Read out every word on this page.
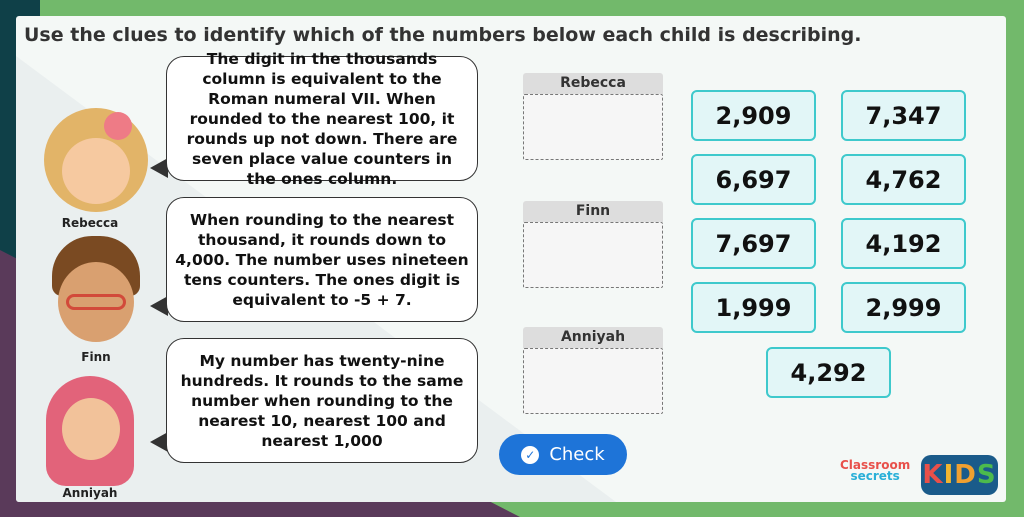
Use the clues to identify which of the numbers below each child is describing.
Rebecca
The digit in the thousands column is equivalent to the Roman numeral VII. When rounded to the nearest 100, it rounds up not down. There are seven place value counters in the ones column.
Finn
When rounding to the nearest thousand, it rounds down to 4,000. The number uses nineteen tens counters. The ones digit is equivalent to -5 + 7.
Anniyah
My number has twenty-nine hundreds. It rounds to the same number when rounding to the nearest 10, nearest 100 and nearest 1,000
Rebecca
Finn
Anniyah
2,909	7,347
6,697	4,762
7,697	4,192
1,999	2,999
4,292
✓ Check	Classroom
secrets K I D S
